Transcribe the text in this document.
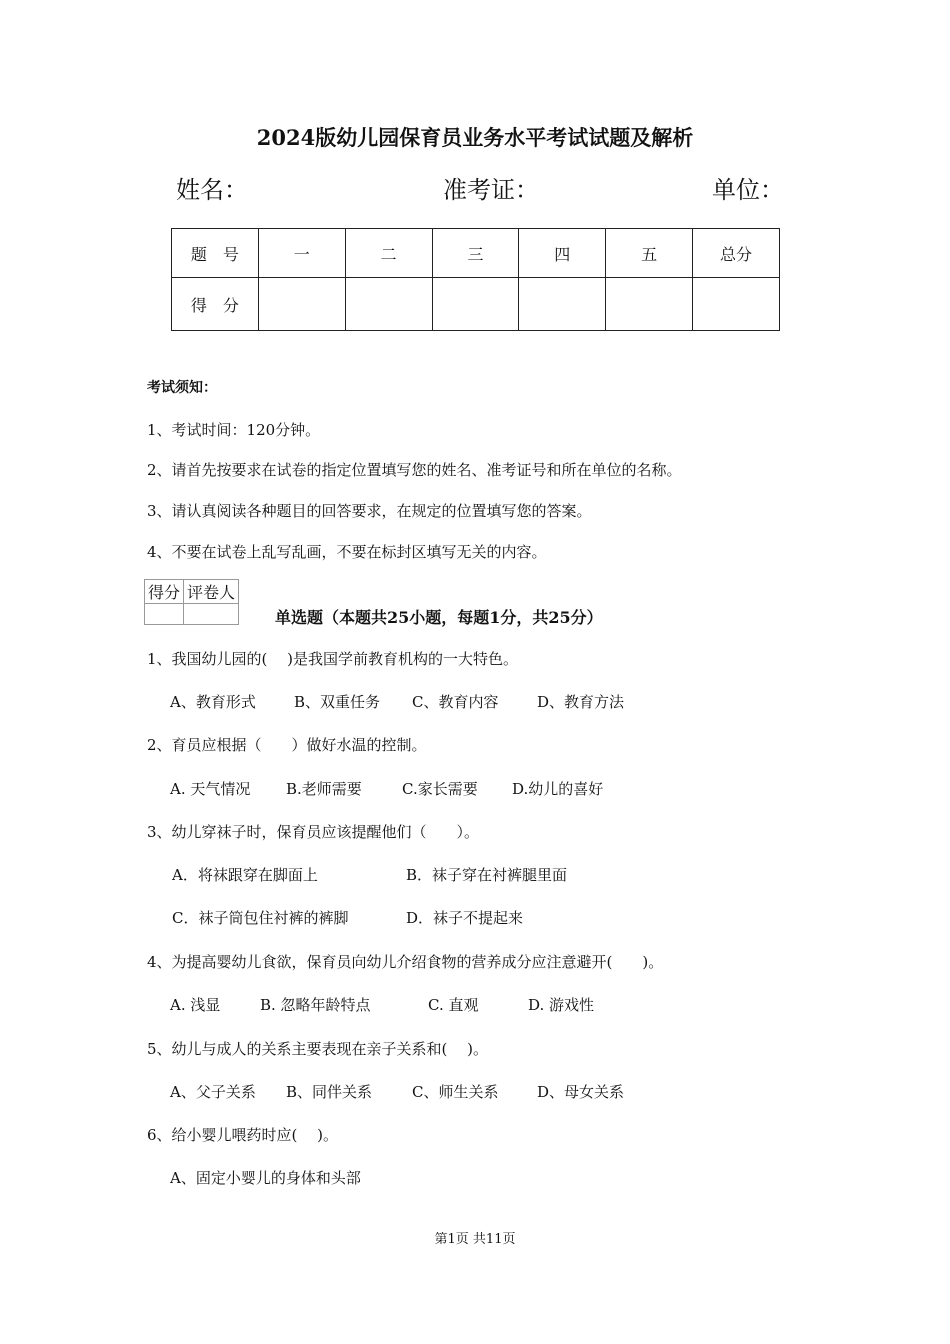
2024版幼儿园保育员业务水平考试试题及解析
姓名：	准考证：	单位：
题　号	一	二	三	四	五	总分
得　分						
考试须知：
1、考试时间：120分钟。
2、请首先按要求在试卷的指定位置填写您的姓名、准考证号和所在单位的名称。
3、请认真阅读各种题目的回答要求，在规定的位置填写您的答案。
4、不要在试卷上乱写乱画，不要在标封区填写无关的内容。
得分	评卷人

单选题（本题共25小题，每题1分，共25分）
1、我国幼儿园的(　 )是我国学前教育机构的一大特色。
A、教育形式	B、双重任务 C、教育内容	D、教育方法
2、育员应根据（　　）做好水温的控制。
A. 天气情况 B.老师需要	C.家长需要 D.幼儿的喜好
3、幼儿穿袜子时，保育员应该提醒他们（　　）。
A．将袜跟穿在脚面上	B．袜子穿在衬裤腿里面
C．袜子筒包住衬裤的裤脚	D．袜子不提起来
4、为提高婴幼儿食欲，保育员向幼儿介绍食物的营养成分应注意避开(　　)。
A. 浅显	B. 忽略年龄特点	C. 直观	D. 游戏性
5、幼儿与成人的关系主要表现在亲子关系和(　 )。
A、父子关系 B、同伴关系	C、师生关系	D、母女关系
6、给小婴儿喂药时应(　 )。
A、固定小婴儿的身体和头部
第1页 共11页
